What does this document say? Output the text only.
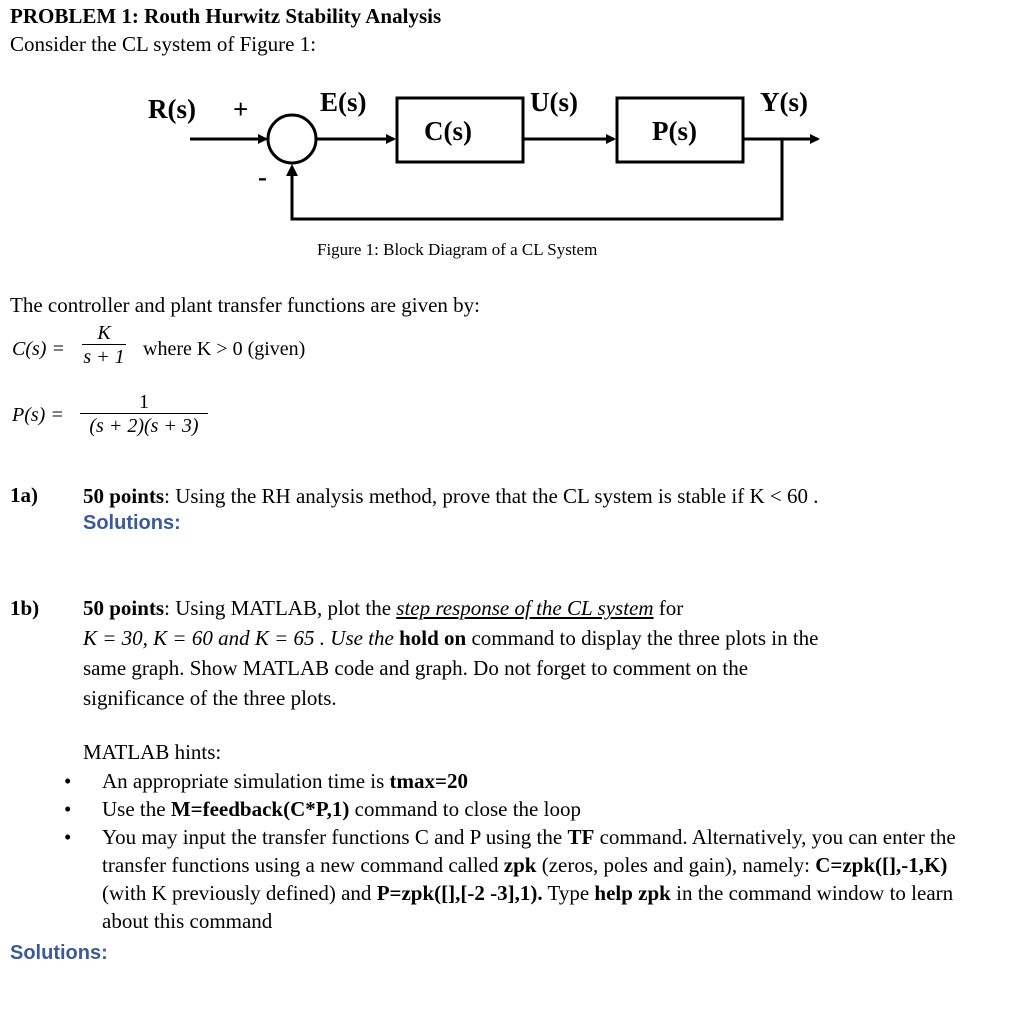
PROBLEM 1: Routh Hurwitz Stability Analysis
Consider the CL system of Figure 1:
R(s) +
-
E(s)
C(s)
U(s)
P(s)
Y(s)
Figure 1: Block Diagram of a CL System
The controller and plant transfer functions are given by:
$C(s) = \frac{K}{s + 1}$ where K > 0 (given)
$P(s) = \frac{1}{(s + 2)(s + 3)}$
1a) 50 points: Using the RH analysis method, prove that the CL system is stable if K < 60 .
Solutions:
1b) 50 points: Using MATLAB, plot the step response of the CL system for
K = 30, K = 60 and K = 65 . Use the hold on command to display the three plots in the
same graph. Show MATLAB code and graph. Do not forget to comment on the
significance of the three plots.
MATLAB hints:
• An appropriate simulation time is tmax=20
• Use the M=feedback(C*P,1) command to close the loop
• You may input the transfer functions C and P using the TF command. Alternatively, you can enter the transfer functions using a new command called zpk (zeros, poles and gain), namely: C=zpk([],-1,K) (with K previously defined) and P=zpk([],[-2 -3],1). Type help zpk in the command window to learn about this command
Solutions:
